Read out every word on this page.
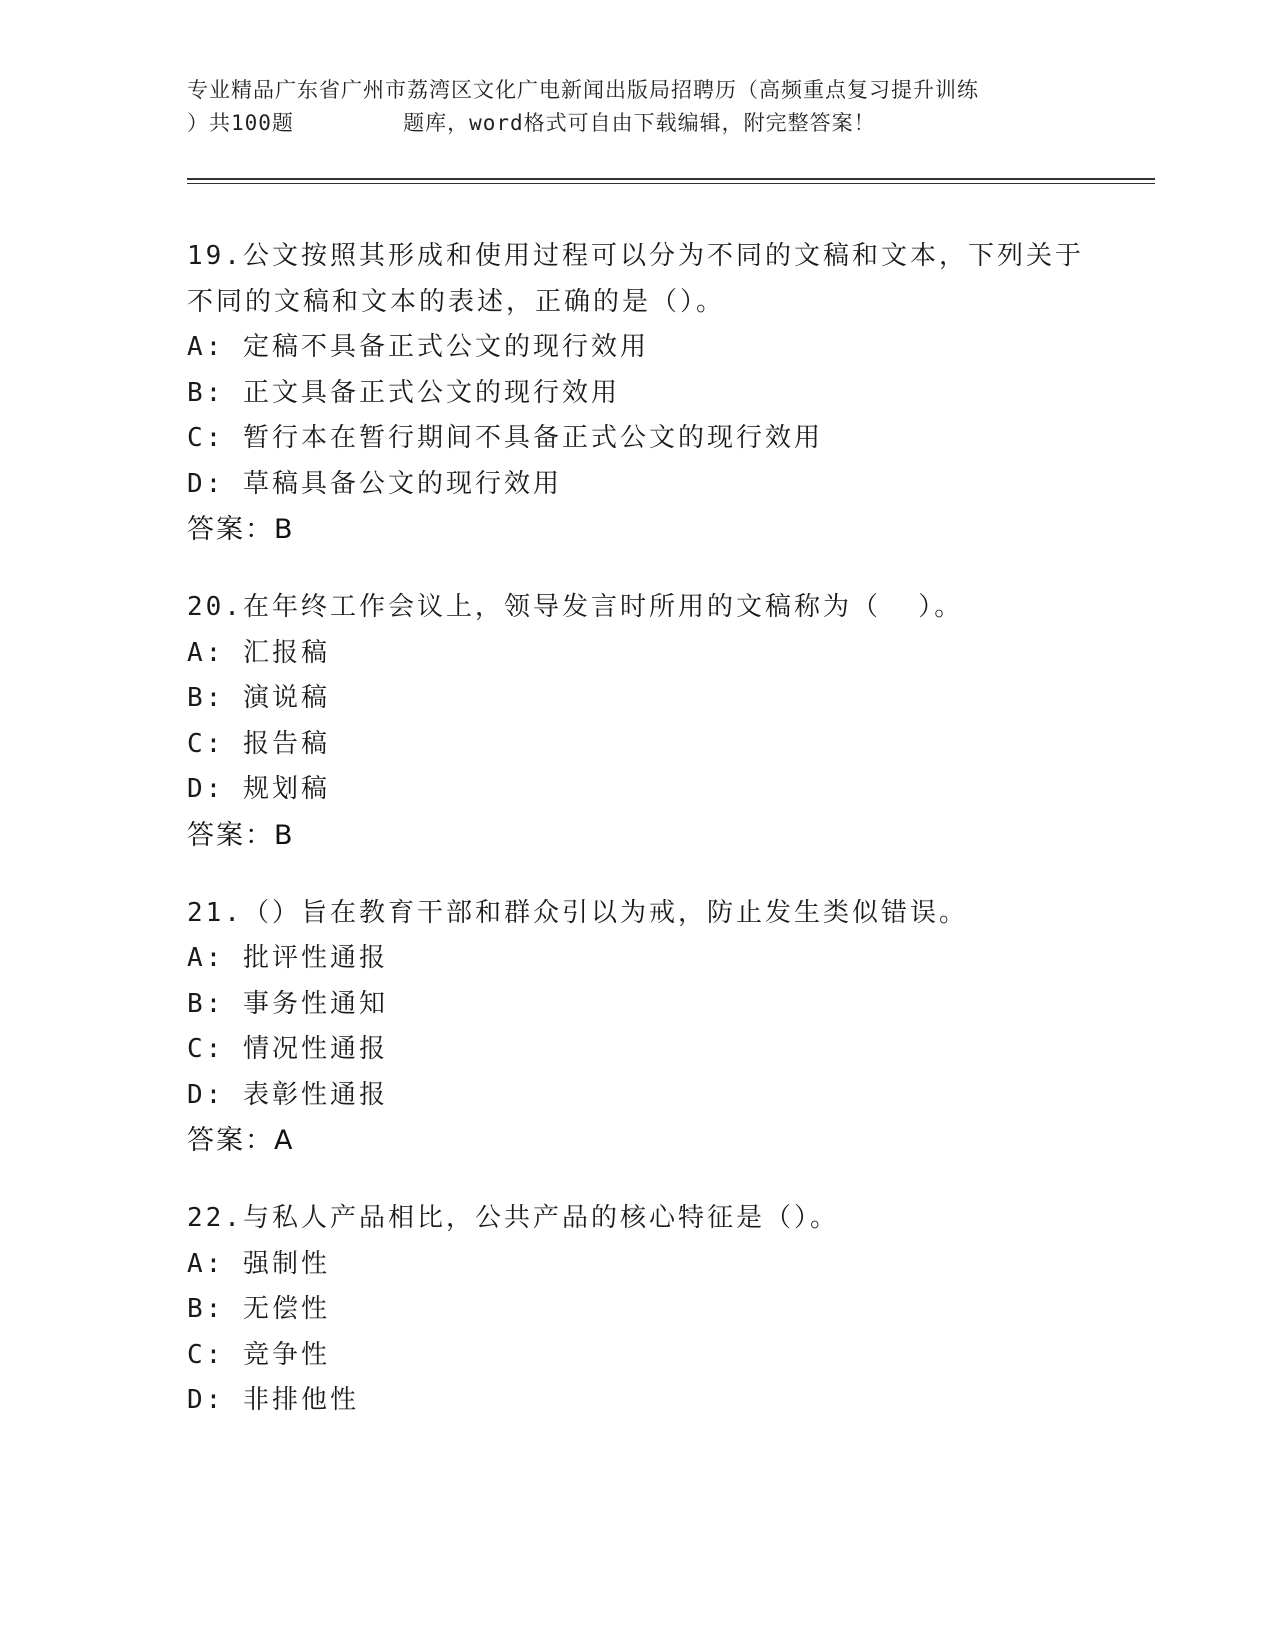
专业精品广东省广州市荔湾区文化广电新闻出版局招聘历（高频重点复习提升训练
）共100题        题库，word格式可自由下载编辑，附完整答案！
19.公文按照其形成和使用过程可以分为不同的文稿和文本，下列关于
不同的文稿和文本的表述，正确的是（）。
A: 定稿不具备正式公文的现行效用
B: 正文具备正式公文的现行效用
C: 暂行本在暂行期间不具备正式公文的现行效用
D: 草稿具备公文的现行效用
答案：B
20.在年终工作会议上，领导发言时所用的文稿称为（  ）。
A: 汇报稿
B: 演说稿
C: 报告稿
D: 规划稿
答案：B
21.（）旨在教育干部和群众引以为戒，防止发生类似错误。
A: 批评性通报
B: 事务性通知
C: 情况性通报
D: 表彰性通报
答案：A
22.与私人产品相比，公共产品的核心特征是（）。
A: 强制性
B: 无偿性
C: 竞争性
D: 非排他性
